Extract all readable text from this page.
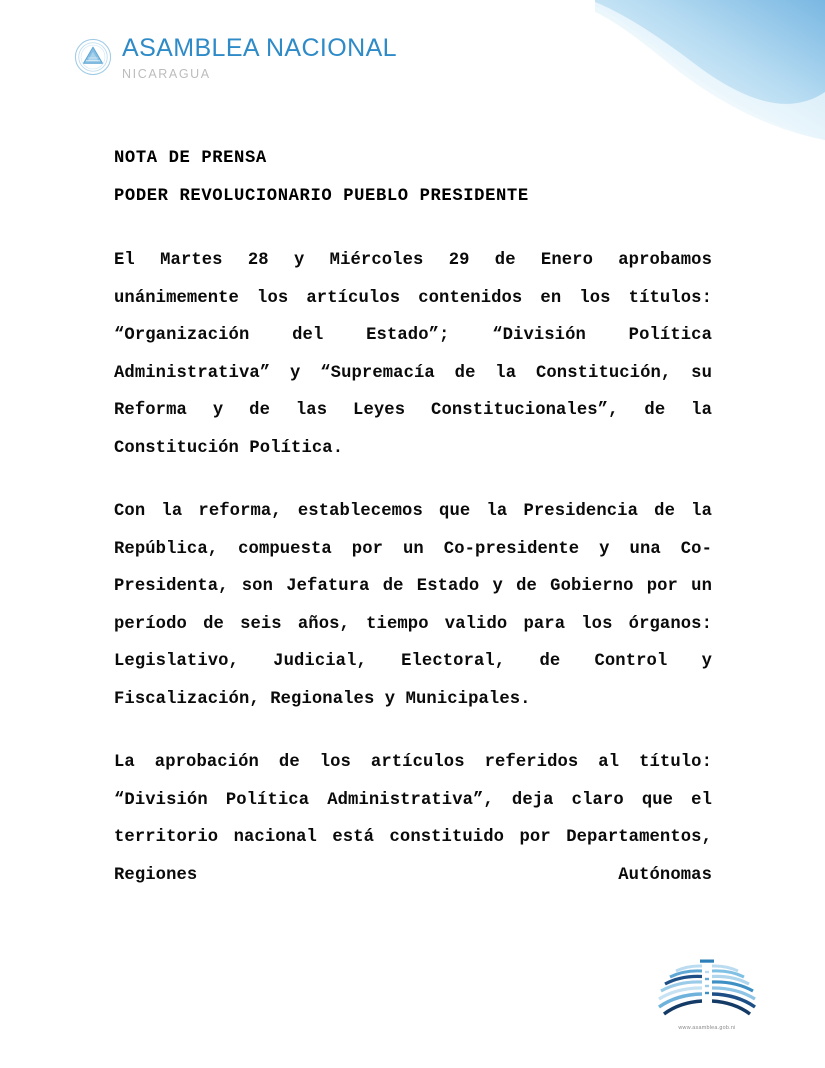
ASAMBLEA NACIONAL
NICARAGUA
NOTA DE PRENSA
PODER REVOLUCIONARIO PUEBLO PRESIDENTE

El Martes 28 y Miércoles 29 de Enero aprobamos unánimemente los artículos contenidos en los títulos: “Organización del Estado”; “División Política Administrativa” y “Supremacía de la Constitución, su Reforma y de las Leyes Constitucionales”, de la Constitución Política.

Con la reforma, establecemos que la Presidencia de la República, compuesta por un Co-presidente y una Co-Presidenta, son Jefatura de Estado y de Gobierno por un período de seis años, tiempo valido para los órganos: Legislativo, Judicial, Electoral, de Control y Fiscalización, Regionales y Municipales.

La aprobación de los artículos referidos al título: “División Política Administrativa”, deja claro que el territorio nacional está constituido por Departamentos, Regiones Autónomas

www.asamblea.gob.ni
